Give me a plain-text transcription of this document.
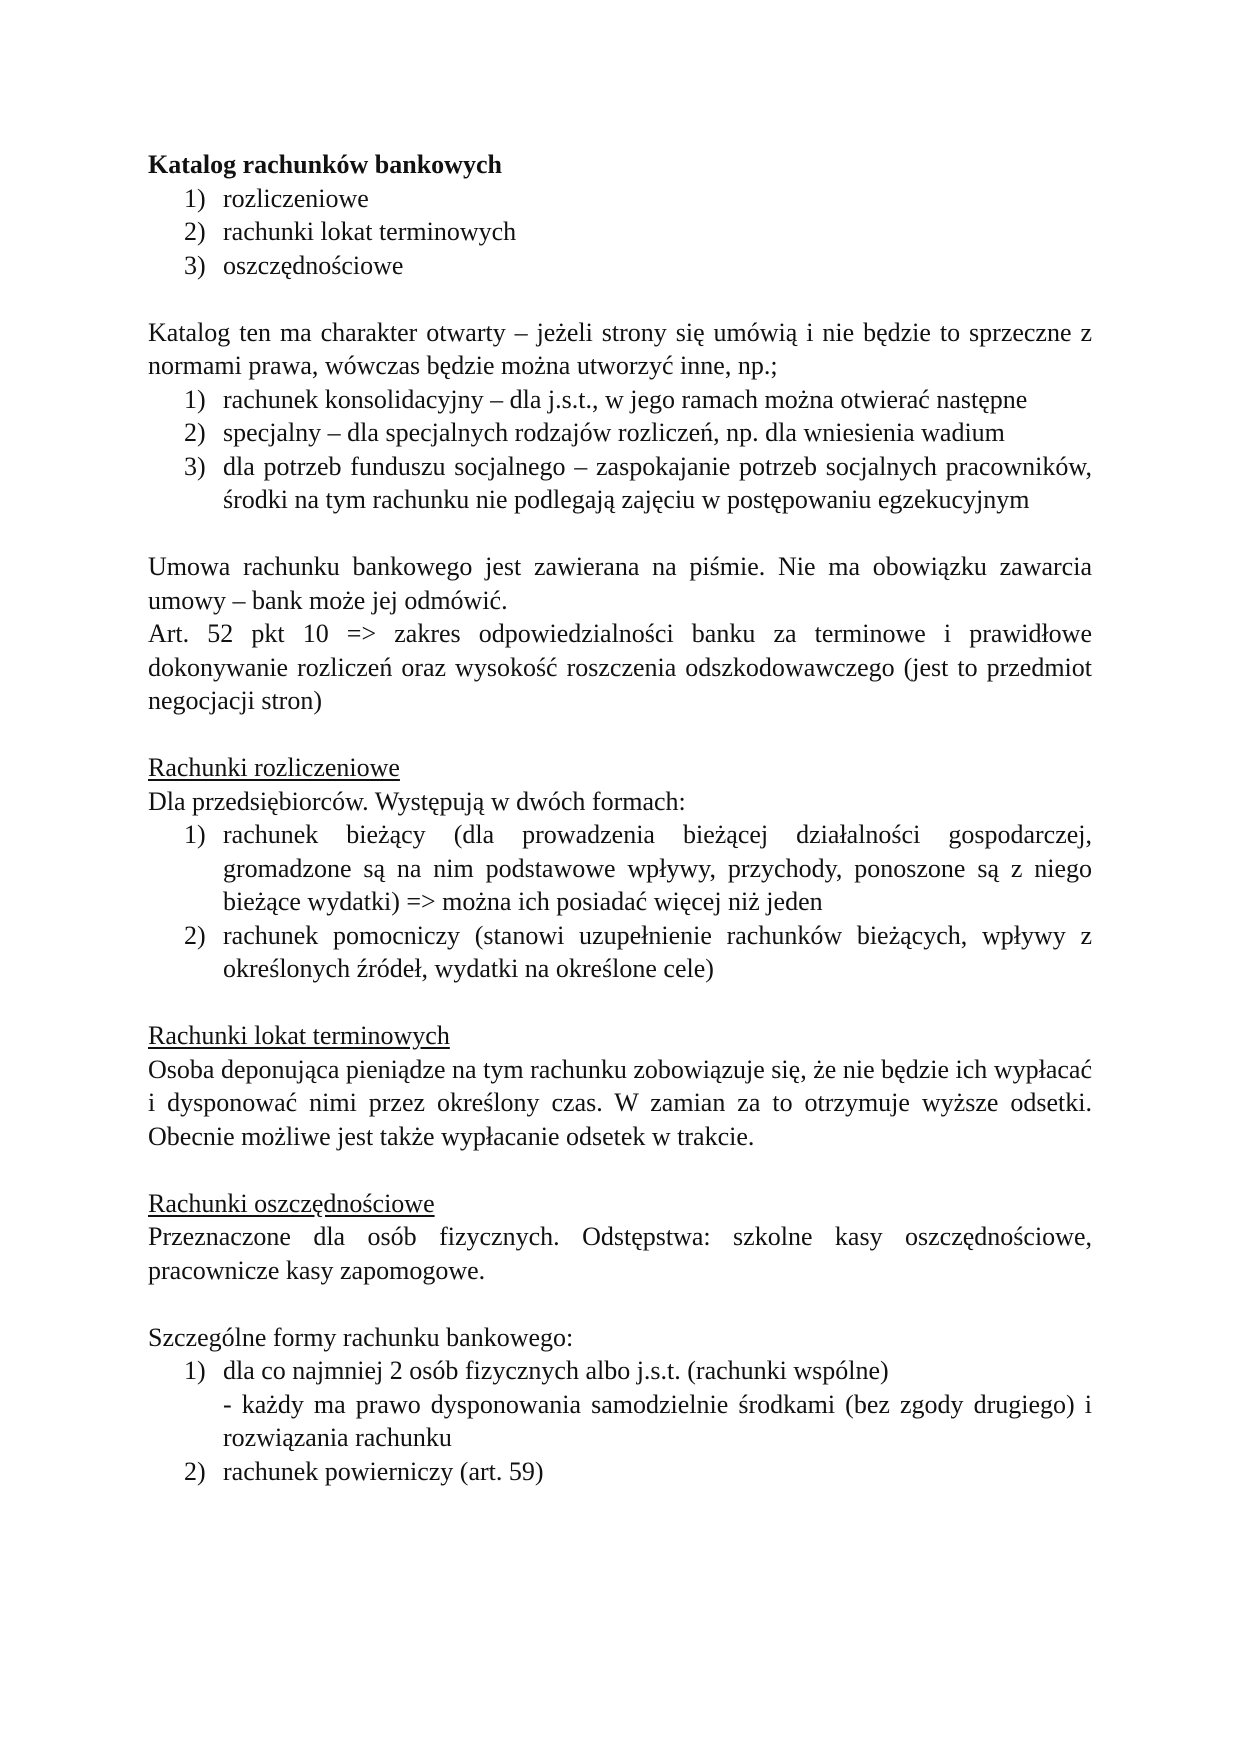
Katalog rachunków bankowych
1) rozliczeniowe
2) rachunki lokat terminowych
3) oszczędnościowe

Katalog ten ma charakter otwarty – jeżeli strony się umówią i nie będzie to sprzeczne z normami prawa, wówczas będzie można utworzyć inne, np.;

1) rachunek konsolidacyjny – dla j.s.t., w jego ramach można otwierać następne
2) specjalny – dla specjalnych rodzajów rozliczeń, np. dla wniesienia wadium
3) dla potrzeb funduszu socjalnego – zaspokajanie potrzeb socjalnych pracowników, środki na tym rachunku nie podlegają zajęciu w postępowaniu egzekucyjnym

Umowa rachunku bankowego jest zawierana na piśmie. Nie ma obowiązku zawarcia umowy – bank może jej odmówić.

Art. 52 pkt 10 => zakres odpowiedzialności banku za terminowe i prawidłowe dokonywanie rozliczeń oraz wysokość roszczenia odszkodowawczego (jest to przedmiot negocjacji stron)

Rachunki rozliczeniowe

Dla przedsiębiorców. Występują w dwóch formach:

1) rachunek bieżący (dla prowadzenia bieżącej działalności gospodarczej, gromadzone są na nim podstawowe wpływy, przychody, ponoszone są z niego bieżące wydatki) => można ich posiadać więcej niż jeden
2) rachunek pomocniczy (stanowi uzupełnienie rachunków bieżących, wpływy z określonych źródeł, wydatki na określone cele)
Rachunki lokat terminowych

Osoba deponująca pieniądze na tym rachunku zobowiązuje się, że nie będzie ich wypłacać i dysponować nimi przez określony czas. W zamian za to otrzymuje wyższe odsetki. Obecnie możliwe jest także wypłacanie odsetek w trakcie.

Rachunki oszczędnościowe

Przeznaczone dla osób fizycznych. Odstępstwa: szkolne kasy oszczędnościowe, pracownicze kasy zapomogowe.

Szczególne formy rachunku bankowego:

1) dla co najmniej 2 osób fizycznych albo j.s.t. (rachunki wspólne)
- każdy ma prawo dysponowania samodzielnie środkami (bez zgody drugiego) i rozwiązania rachunku
2) rachunek powierniczy (art. 59)
